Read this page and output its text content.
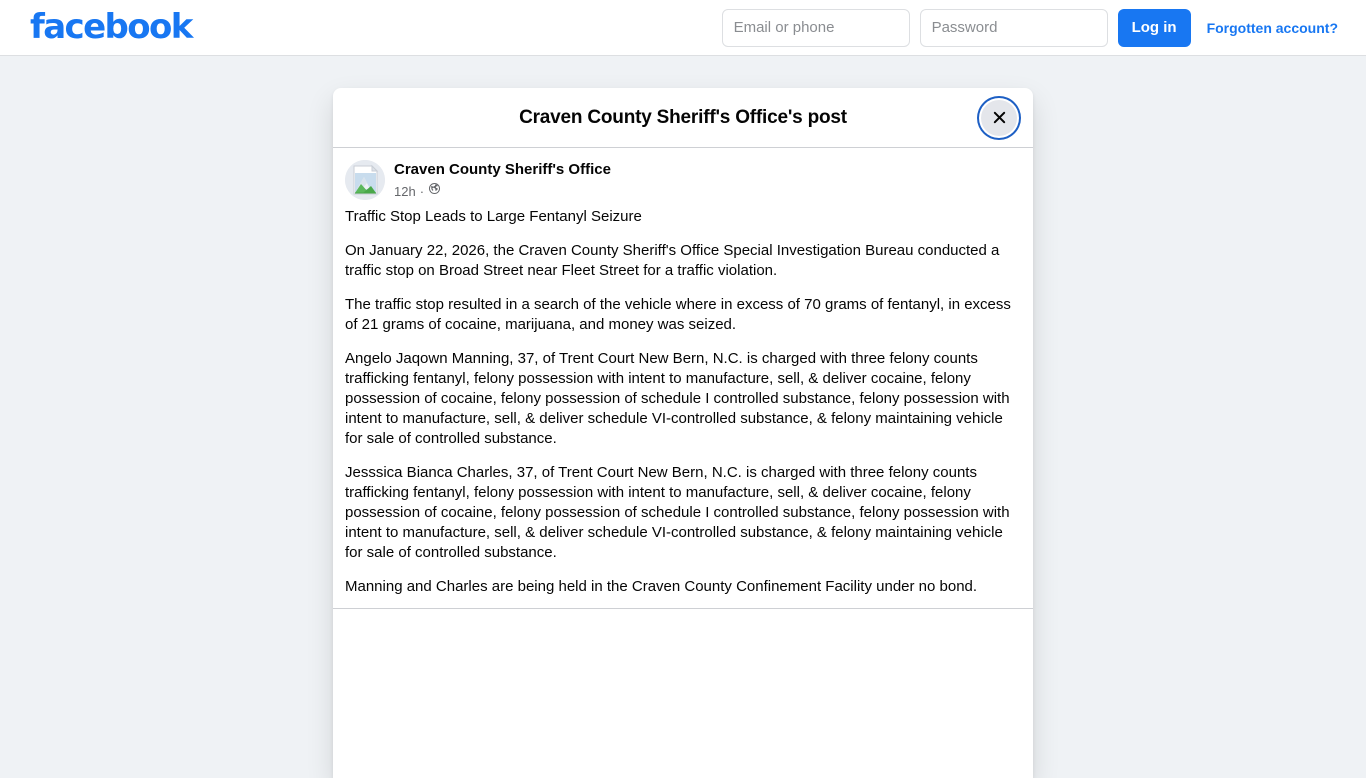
facebook
Email or phone	Log in	Forgotten account?
Craven County Sheriff's Office's post
Craven County Sheriff's Office
12h ·

Traffic Stop Leads to Large Fentanyl Seizure

On January 22, 2026, the Craven County Sheriff's Office Special Investigation Bureau conducted a traffic stop on Broad Street near Fleet Street for a traffic violation.

The traffic stop resulted in a search of the vehicle where in excess of 70 grams of fentanyl, in excess of 21 grams of cocaine, marijuana, and money was seized.

Angelo Jaqown Manning, 37, of Trent Court New Bern, N.C. is charged with three felony counts trafficking fentanyl, felony possession with intent to manufacture, sell, & deliver cocaine, felony possession of cocaine, felony possession of schedule I controlled substance, felony possession with intent to manufacture, sell, & deliver schedule VI-controlled substance, & felony maintaining vehicle for sale of controlled substance.

Jesssica Bianca Charles, 37, of Trent Court New Bern, N.C. is charged with three felony counts trafficking fentanyl, felony possession with intent to manufacture, sell, & deliver cocaine, felony possession of cocaine, felony possession of schedule I controlled substance, felony possession with intent to manufacture, sell, & deliver schedule VI-controlled substance, & felony maintaining vehicle for sale of controlled substance.

Manning and Charles are being held in the Craven County Confinement Facility under no bond.
